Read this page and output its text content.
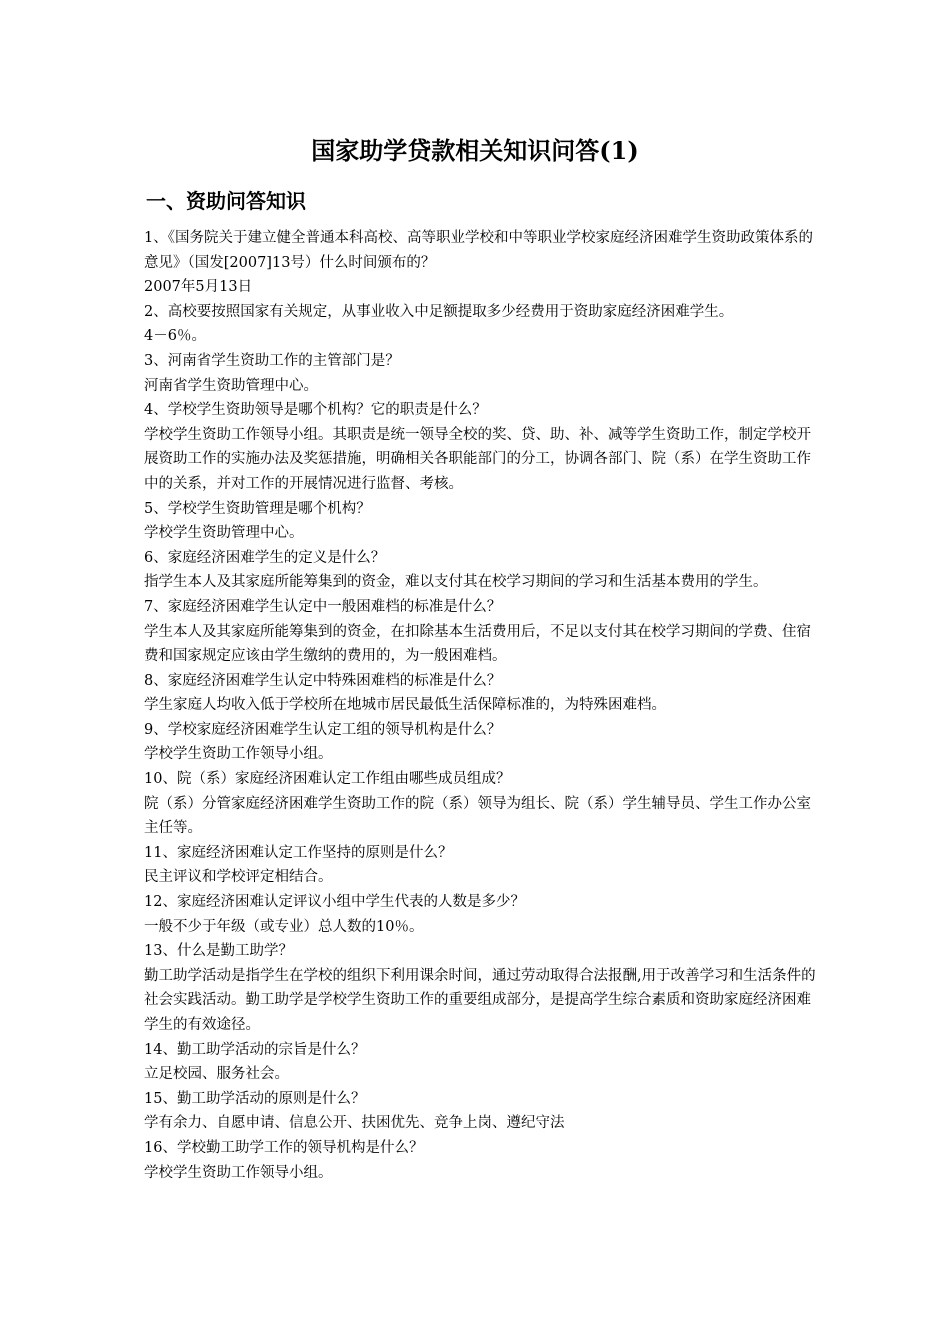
国家助学贷款相关知识问答(1)
一、资助问答知识

1、《国务院关于建立健全普通本科高校、高等职业学校和中等职业学校家庭经济困难学生资助政策体系的意见》（国发[2007]13号）什么时间颁布的？

2007年5月13日

2、高校要按照国家有关规定，从事业收入中足额提取多少经费用于资助家庭经济困难学生。

4－6％。

3、河南省学生资助工作的主管部门是？

河南省学生资助管理中心。

4、学校学生资助领导是哪个机构？它的职责是什么？

学校学生资助工作领导小组。其职责是统一领导全校的奖、贷、助、补、减等学生资助工作，制定学校开展资助工作的实施办法及奖惩措施，明确相关各职能部门的分工，协调各部门、院（系）在学生资助工作中的关系，并对工作的开展情况进行监督、考核。

5、学校学生资助管理是哪个机构？

学校学生资助管理中心。

6、家庭经济困难学生的定义是什么？

指学生本人及其家庭所能筹集到的资金，难以支付其在校学习期间的学习和生活基本费用的学生。

7、家庭经济困难学生认定中一般困难档的标准是什么？

学生本人及其家庭所能筹集到的资金，在扣除基本生活费用后，不足以支付其在校学习期间的学费、住宿费和国家规定应该由学生缴纳的费用的，为一般困难档。

8、家庭经济困难学生认定中特殊困难档的标准是什么？

学生家庭人均收入低于学校所在地城市居民最低生活保障标准的，为特殊困难档。

9、学校家庭经济困难学生认定工组的领导机构是什么？

学校学生资助工作领导小组。

10、院（系）家庭经济困难认定工作组由哪些成员组成？

院（系）分管家庭经济困难学生资助工作的院（系）领导为组长、院（系）学生辅导员、学生工作办公室主任等。

11、家庭经济困难认定工作坚持的原则是什么？

民主评议和学校评定相结合。

12、家庭经济困难认定评议小组中学生代表的人数是多少？

一般不少于年级（或专业）总人数的10％。

13、什么是勤工助学？

勤工助学活动是指学生在学校的组织下利用课余时间，通过劳动取得合法报酬,用于改善学习和生活条件的社会实践活动。勤工助学是学校学生资助工作的重要组成部分，是提高学生综合素质和资助家庭经济困难学生的有效途径。

14、勤工助学活动的宗旨是什么？

立足校园、服务社会。

15、勤工助学活动的原则是什么？

学有余力、自愿申请、信息公开、扶困优先、竞争上岗、遵纪守法

16、学校勤工助学工作的领导机构是什么？

学校学生资助工作领导小组。
